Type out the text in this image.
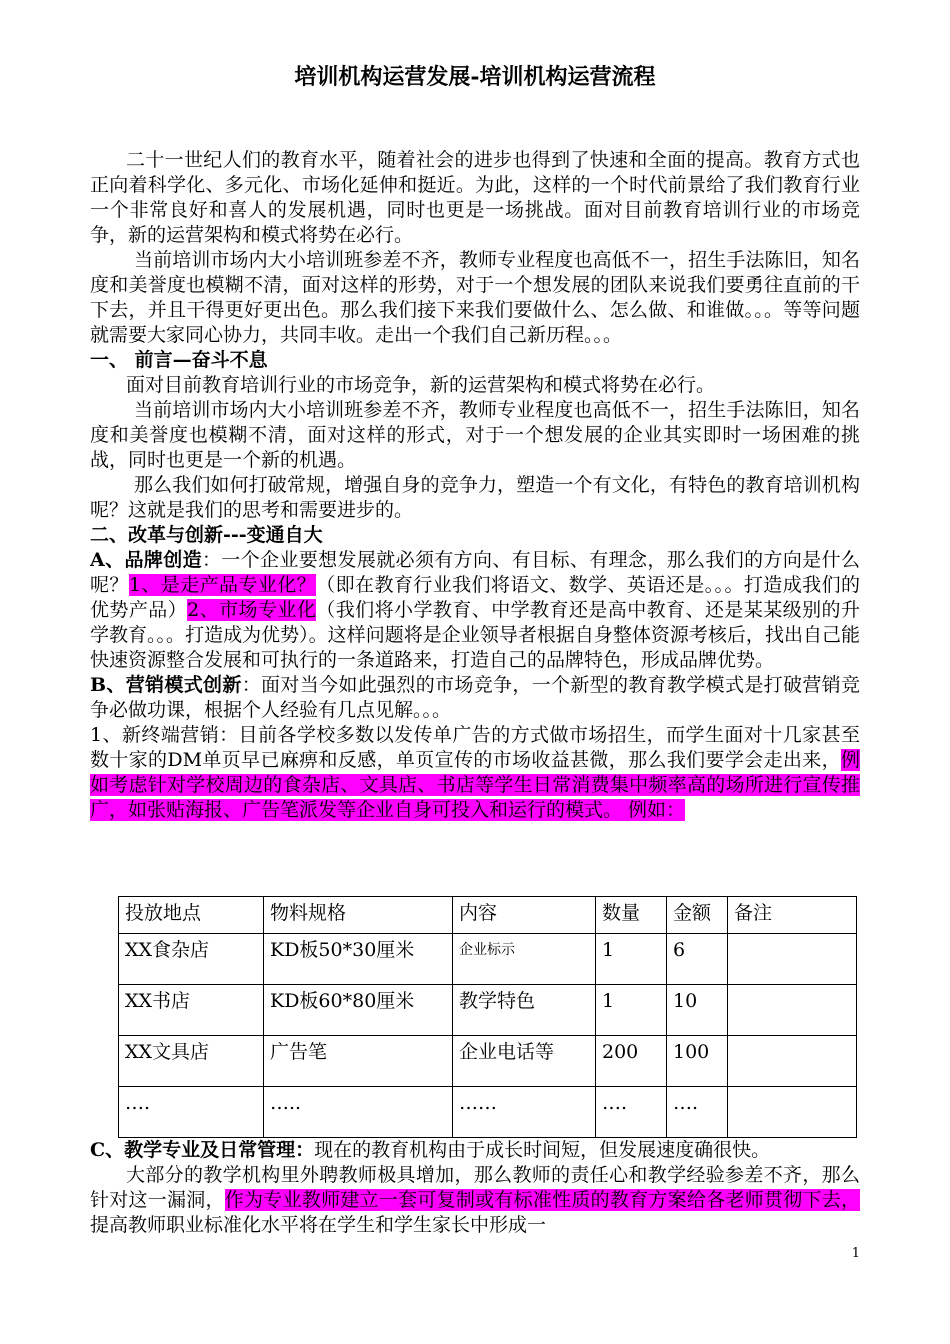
培训机构运营发展-培训机构运营流程

二十一世纪人们的教育水平，随着社会的进步也得到了快速和全面的提高。教育方式也正向着科学化、多元化、市场化延伸和挺近。为此，这样的一个时代前景给了我们教育行业一个非常良好和喜人的发展机遇，同时也更是一场挑战。面对目前教育培训行业的市场竞争，新的运营架构和模式将势在必行。

当前培训市场内大小培训班参差不齐，教师专业程度也高低不一，招生手法陈旧，知名度和美誉度也模糊不清，面对这样的形势，对于一个想发展的团队来说我们要勇往直前的干下去，并且干得更好更出色。那么我们接下来我们要做什么、怎么做、和谁做。。。等等问题就需要大家同心协力，共同丰收。走出一个我们自己新历程。。。

一、 前言—奋斗不息

面对目前教育培训行业的市场竞争，新的运营架构和模式将势在必行。

当前培训市场内大小培训班参差不齐，教师专业程度也高低不一，招生手法陈旧，知名度和美誉度也模糊不清，面对这样的形式，对于一个想发展的企业其实即时一场困难的挑战，同时也更是一个新的机遇。

那么我们如何打破常规，增强自身的竞争力，塑造一个有文化，有特色的教育培训机构呢？这就是我们的思考和需要进步的。

二、改革与创新---变通自大

A、品牌创造：一个企业要想发展就必须有方向、有目标、有理念，那么我们的方向是什么呢？1、是走产品专业化？（即在教育行业我们将语文、数学、英语还是。。。打造成我们的优势产品）2、市场专业化（我们将小学教育、中学教育还是高中教育、还是某某级别的升学教育。。。打造成为优势）。这样问题将是企业领导者根据自身整体资源考核后，找出自己能快速资源整合发展和可执行的一条道路来，打造自己的品牌特色，形成品牌优势。

B、营销模式创新：面对当今如此强烈的市场竞争，一个新型的教育教学模式是打破营销竞争必做功课，根据个人经验有几点见解。。。

1、新终端营销：目前各学校多数以发传单广告的方式做市场招生，而学生面对十几家甚至数十家的DM单页早已麻痹和反感，单页宣传的市场收益甚微，那么我们要学会走出来，例如考虑针对学校周边的食杂店、文具店、书店等学生日常消费集中频率高的场所进行宣传推广，如张贴海报、广告笔派发等企业自身可投入和运行的模式。 例如：

投放地点	物料规格	内容	数量	金额	备注
XX食杂店	KD板50*30厘米	企业标示	1	6	
XX书店	KD板60*80厘米	教学特色	1	10	
XX文具店	广告笔	企业电话等	200	100	
….	…..	……	….	….	

C、教学专业及日常管理：现在的教育机构由于成长时间短，但发展速度确很快。

大部分的教学机构里外聘教师极具增加，那么教师的责任心和教学经验参差不齐，那么针对这一漏洞，作为专业教师建立一套可复制或有标准性质的教育方案给各老师贯彻下去，提高教师职业标准化水平将在学生和学生家长中形成一

1
